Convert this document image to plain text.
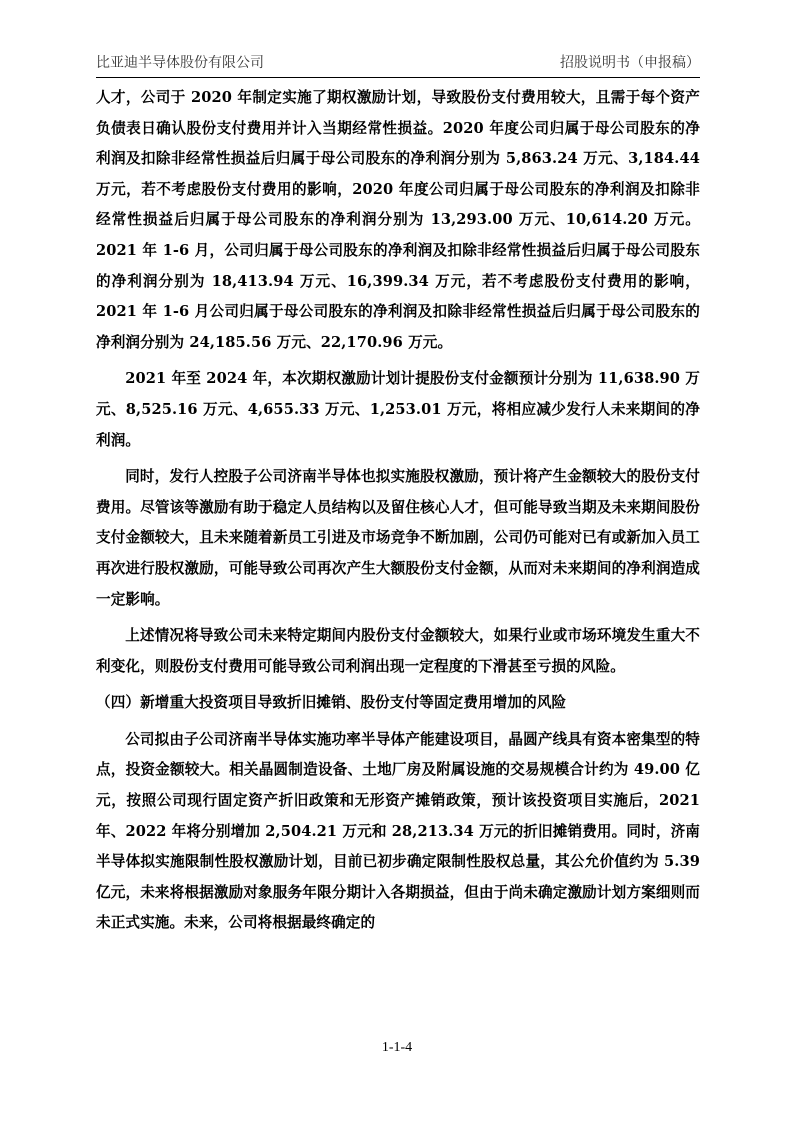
比亚迪半导体股份有限公司	招股说明书（申报稿）

人才，公司于 2020 年制定实施了期权激励计划，导致股份支付费用较大，且需于每个资产负债表日确认股份支付费用并计入当期经常性损益。2020 年度公司归属于母公司股东的净利润及扣除非经常性损益后归属于母公司股东的净利润分别为 5,863.24 万元、3,184.44 万元，若不考虑股份支付费用的影响，2020 年度公司归属于母公司股东的净利润及扣除非经常性损益后归属于母公司股东的净利润分别为 13,293.00 万元、10,614.20 万元。2021 年 1-6 月，公司归属于母公司股东的净利润及扣除非经常性损益后归属于母公司股东的净利润分别为 18,413.94 万元、16,399.34 万元，若不考虑股份支付费用的影响，2021 年 1-6 月公司归属于母公司股东的净利润及扣除非经常性损益后归属于母公司股东的净利润分别为 24,185.56 万元、22,170.96 万元。

2021 年至 2024 年，本次期权激励计划计提股份支付金额预计分别为 11,638.90 万元、8,525.16 万元、4,655.33 万元、1,253.01 万元，将相应减少发行人未来期间的净利润。

同时，发行人控股子公司济南半导体也拟实施股权激励，预计将产生金额较大的股份支付费用。尽管该等激励有助于稳定人员结构以及留住核心人才，但可能导致当期及未来期间股份支付金额较大，且未来随着新员工引进及市场竞争不断加剧，公司仍可能对已有或新加入员工再次进行股权激励，可能导致公司再次产生大额股份支付金额，从而对未来期间的净利润造成一定影响。

上述情况将导致公司未来特定期间内股份支付金额较大，如果行业或市场环境发生重大不利变化，则股份支付费用可能导致公司利润出现一定程度的下滑甚至亏损的风险。

（四）新增重大投资项目导致折旧摊销、股份支付等固定费用增加的风险

公司拟由子公司济南半导体实施功率半导体产能建设项目，晶圆产线具有资本密集型的特点，投资金额较大。相关晶圆制造设备、土地厂房及附属设施的交易规模合计约为 49.00 亿元，按照公司现行固定资产折旧政策和无形资产摊销政策，预计该投资项目实施后，2021 年、2022 年将分别增加 2,504.21 万元和 28,213.34 万元的折旧摊销费用。同时，济南半导体拟实施限制性股权激励计划，目前已初步确定限制性股权总量，其公允价值约为 5.39 亿元，未来将根据激励对象服务年限分期计入各期损益，但由于尚未确定激励计划方案细则而未正式实施。未来，公司将根据最终确定的

1-1-4
